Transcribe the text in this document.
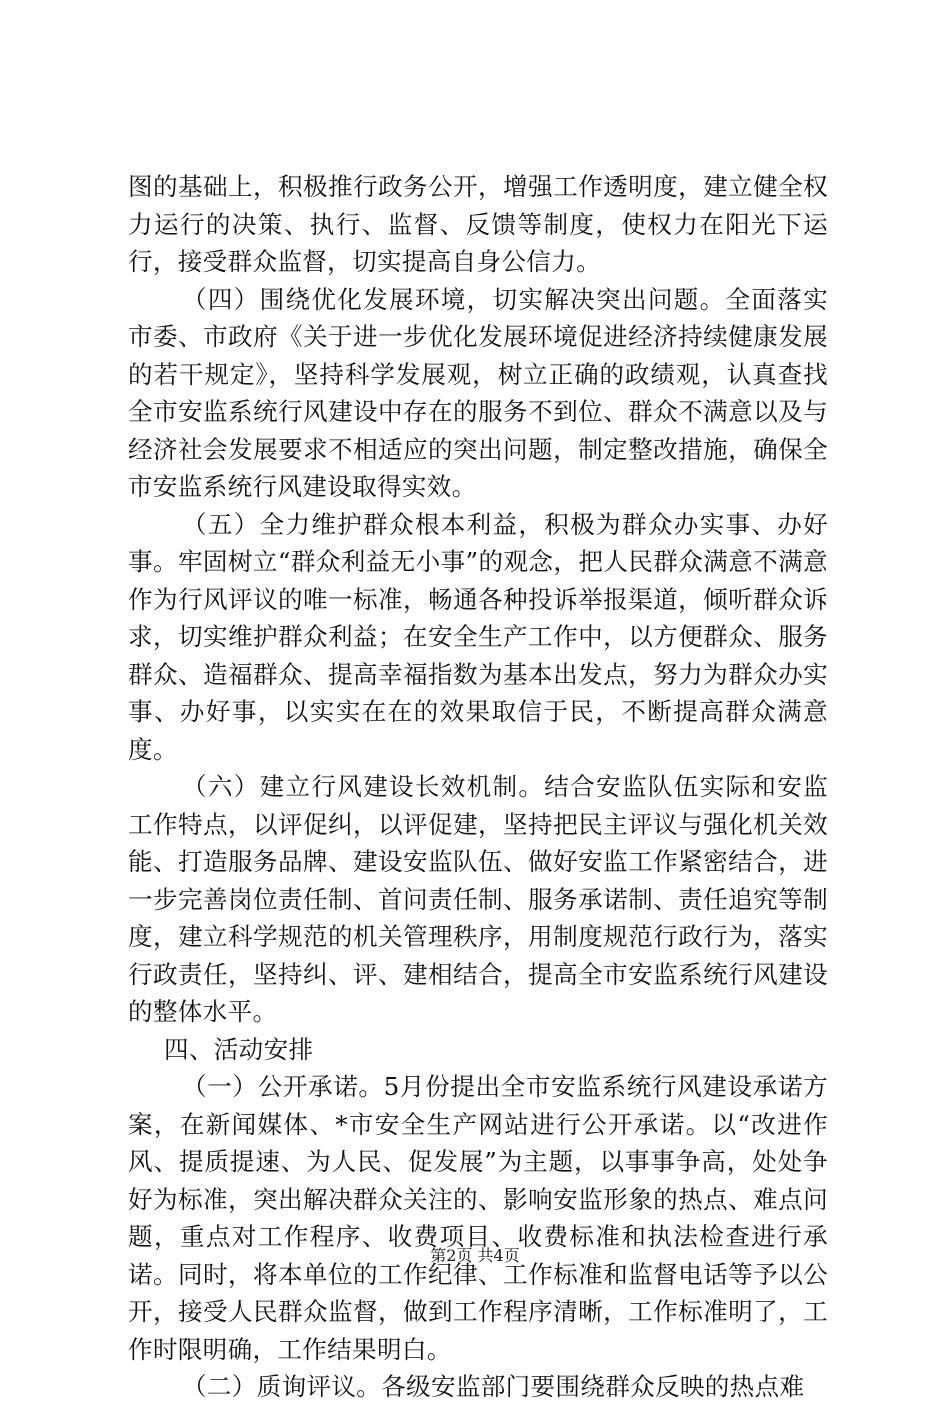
图的基础上，积极推行政务公开，增强工作透明度，建立健全权力运行的决策、执行、监督、反馈等制度，使权力在阳光下运行，接受群众监督，切实提高自身公信力。

（四）围绕优化发展环境，切实解决突出问题。全面落实市委、市政府《关于进一步优化发展环境促进经济持续健康发展的若干规定》，坚持科学发展观，树立正确的政绩观，认真查找全市安监系统行风建设中存在的服务不到位、群众不满意以及与经济社会发展要求不相适应的突出问题，制定整改措施，确保全市安监系统行风建设取得实效。

（五）全力维护群众根本利益，积极为群众办实事、办好事。牢固树立“群众利益无小事”的观念，把人民群众满意不满意作为行风评议的唯一标准，畅通各种投诉举报渠道，倾听群众诉求，切实维护群众利益；在安全生产工作中，以方便群众、服务群众、造福群众、提高幸福指数为基本出发点，努力为群众办实事、办好事，以实实在在的效果取信于民，不断提高群众满意度。

（六）建立行风建设长效机制。结合安监队伍实际和安监工作特点，以评促纠，以评促建，坚持把民主评议与强化机关效能、打造服务品牌、建设安监队伍、做好安监工作紧密结合，进一步完善岗位责任制、首问责任制、服务承诺制、责任追究等制度，建立科学规范的机关管理秩序，用制度规范行政行为，落实行政责任，坚持纠、评、建相结合，提高全市安监系统行风建设的整体水平。

四、活动安排

（一）公开承诺。5月份提出全市安监系统行风建设承诺方案，在新闻媒体、*市安全生产网站进行公开承诺。以“改进作风、提质提速、为人民、促发展”为主题，以事事争高，处处争好为标准，突出解决群众关注的、影响安监形象的热点、难点问题，重点对工作程序、收费项目、收费标准和执法检查进行承诺。同时，将本单位的工作纪律、工作标准和监督电话等予以公开，接受人民群众监督，做到工作程序清晰，工作标准明了，工作时限明确，工作结果明白。

（二）质询评议。各级安监部门要围绕群众反映的热点难

第2页 共4页
